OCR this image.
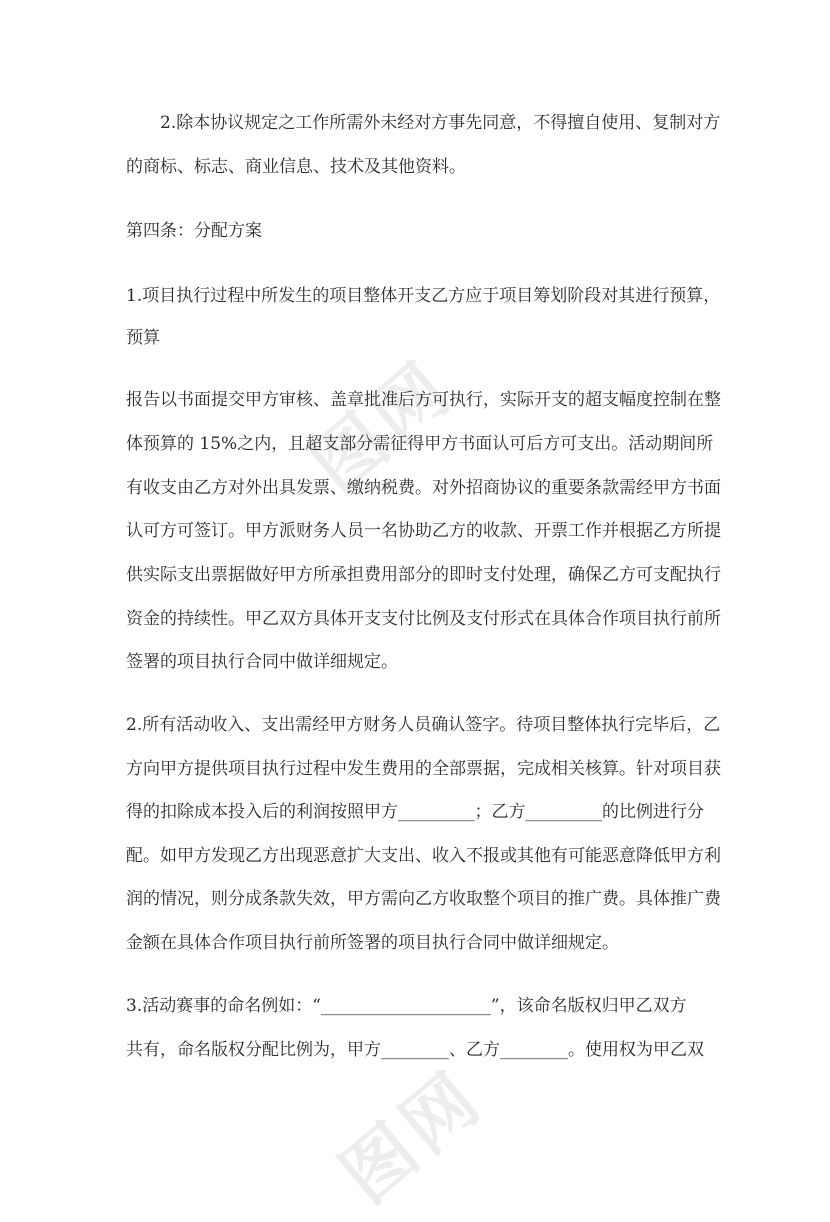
图网
图网
2.除本协议规定之工作所需外未经对方事先同意，不得擅自使用、复制对方
的商标、标志、商业信息、技术及其他资料。
第四条：分配方案
1.项目执行过程中所发生的项目整体开支乙方应于项目筹划阶段对其进行预算，
预算
报告以书面提交甲方审核、盖章批准后方可执行，实际开支的超支幅度控制在整
体预算的 15%之内，且超支部分需征得甲方书面认可后方可支出。活动期间所
有收支由乙方对外出具发票、缴纳税费。对外招商协议的重要条款需经甲方书面
认可方可签订。甲方派财务人员一名协助乙方的收款、开票工作并根据乙方所提
供实际支出票据做好甲方所承担费用部分的即时支付处理，确保乙方可支配执行
资金的持续性。甲乙双方具体开支支付比例及支付形式在具体合作项目执行前所
签署的项目执行合同中做详细规定。
2.所有活动收入、支出需经甲方财务人员确认签字。待项目整体执行完毕后，乙
方向甲方提供项目执行过程中发生费用的全部票据，完成相关核算。针对项目获
得的扣除成本投入后的利润按照甲方_________；乙方_________的比例进行分
配。如甲方发现乙方出现恶意扩大支出、收入不报或其他有可能恶意降低甲方利
润的情况，则分成条款失效，甲方需向乙方收取整个项目的推广费。具体推广费
金额在具体合作项目执行前所签署的项目执行合同中做详细规定。
3.活动赛事的命名例如：“____________________”，该命名版权归甲乙双方
共有，命名版权分配比例为，甲方________、乙方________。使用权为甲乙双
